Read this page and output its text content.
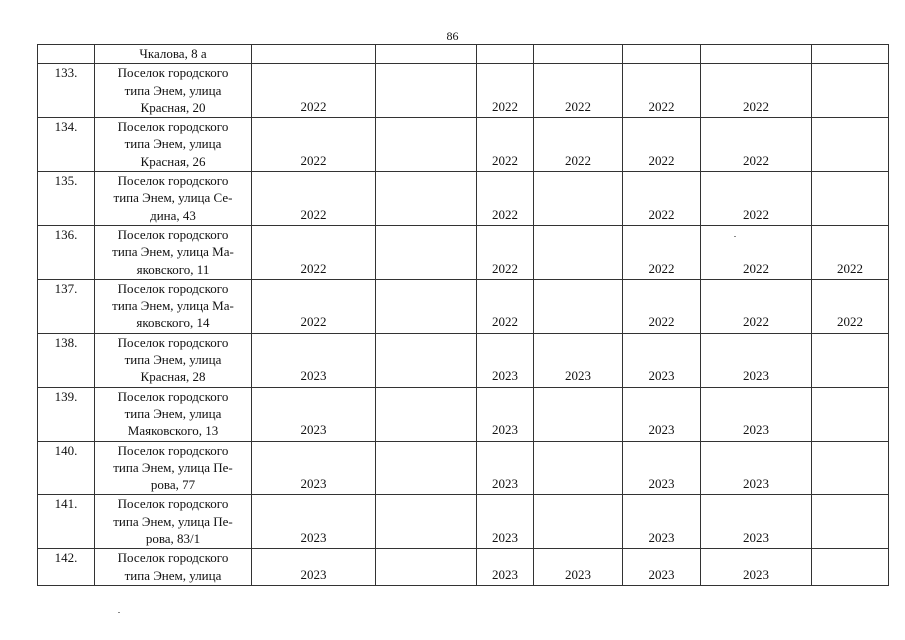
86

	Чкалова, 8 а							

133.	Поселок городского
типа Энем, улица
Красная, 20	2022		2022	2022	2022	2022	
134.	Поселок городского
типа Энем, улица
Красная, 26	2022		2022	2022	2022	2022	
135.	Поселок городского
типа Энем, улица Се-
дина, 43	2022		2022		2022	2022	
136.	Поселок городского
типа Энем, улица Ма-
яковского, 11	2022		2022		2022	2022	2022
137.	Поселок городского
типа Энем, улица Ма-
яковского, 14	2022		2022		2022	2022	2022
138.	Поселок городского
типа Энем, улица
Красная, 28	2023		2023	2023	2023	2023	
139.	Поселок городского
типа Энем, улица
Маяковского, 13	2023		2023		2023	2023	
140.	Поселок городского
типа Энем, улица Пе-
рова, 77	2023		2023		2023	2023	
141.	Поселок городского
типа Энем, улица Пе-
рова, 83/1	2023		2023		2023	2023	
142.	Поселок городского
типа Энем, улица	2023		2023	2023	2023	2023	
